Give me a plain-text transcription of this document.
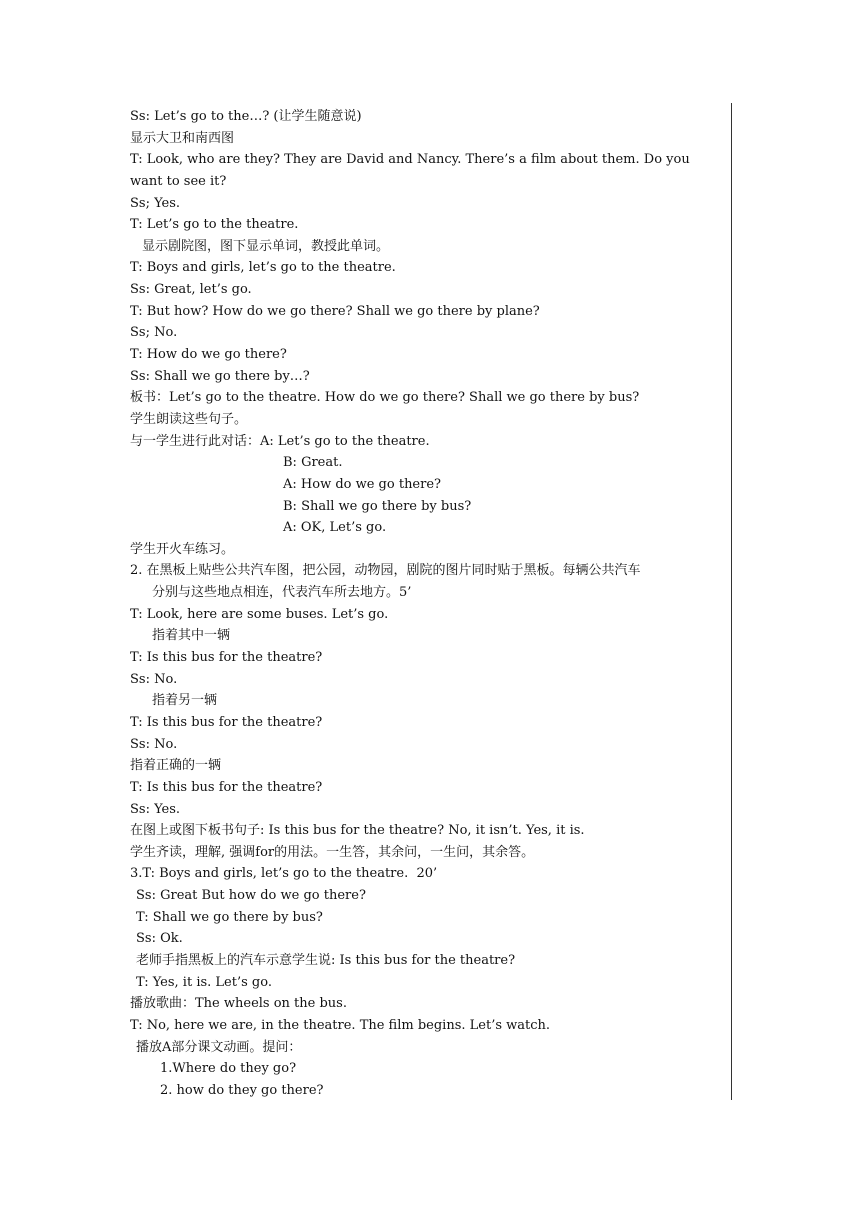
Ss: Let’s go to the…? (让学生随意说)
显示大卫和南西图
T: Look, who are they? They are David and Nancy. There’s a film about them. Do you
want to see it?
Ss; Yes.
T: Let’s go to the theatre.
显示剧院图，图下显示单词，教授此单词。
T: Boys and girls, let’s go to the theatre.
Ss: Great, let’s go.
T: But how? How do we go there? Shall we go there by plane?
Ss; No.
T: How do we go there?
Ss: Shall we go there by…?
板书：Let’s go to the theatre. How do we go there? Shall we go there by bus?
学生朗读这些句子。
与一学生进行此对话：A: Let’s go to the theatre.
B: Great.
A: How do we go there?
B: Shall we go there by bus?
A: OK, Let’s go.
学生开火车练习。
2. 在黑板上贴些公共汽车图，把公园，动物园，剧院的图片同时贴于黑板。每辆公共汽车
分别与这些地点相连，代表汽车所去地方。5’
T: Look, here are some buses. Let’s go.
指着其中一辆
T: Is this bus for the theatre?
Ss: No.
指着另一辆
T: Is this bus for the theatre?
Ss: No.
指着正确的一辆
T: Is this bus for the theatre?
Ss: Yes.
在图上或图下板书句子: Is this bus for the theatre? No, it isn’t. Yes, it is.
学生齐读，理解, 强调for的用法。一生答，其余问，一生问，其余答。
3.T: Boys and girls, let’s go to the theatre.  20’
Ss: Great But how do we go there?
T: Shall we go there by bus?
Ss: Ok.
老师手指黑板上的汽车示意学生说: Is this bus for the theatre?
T: Yes, it is. Let’s go.
播放歌曲：The wheels on the bus.
T: No, here we are, in the theatre. The film begins. Let’s watch.
播放A部分课文动画。提问：
1.Where do they go?
2. how do they go there?
